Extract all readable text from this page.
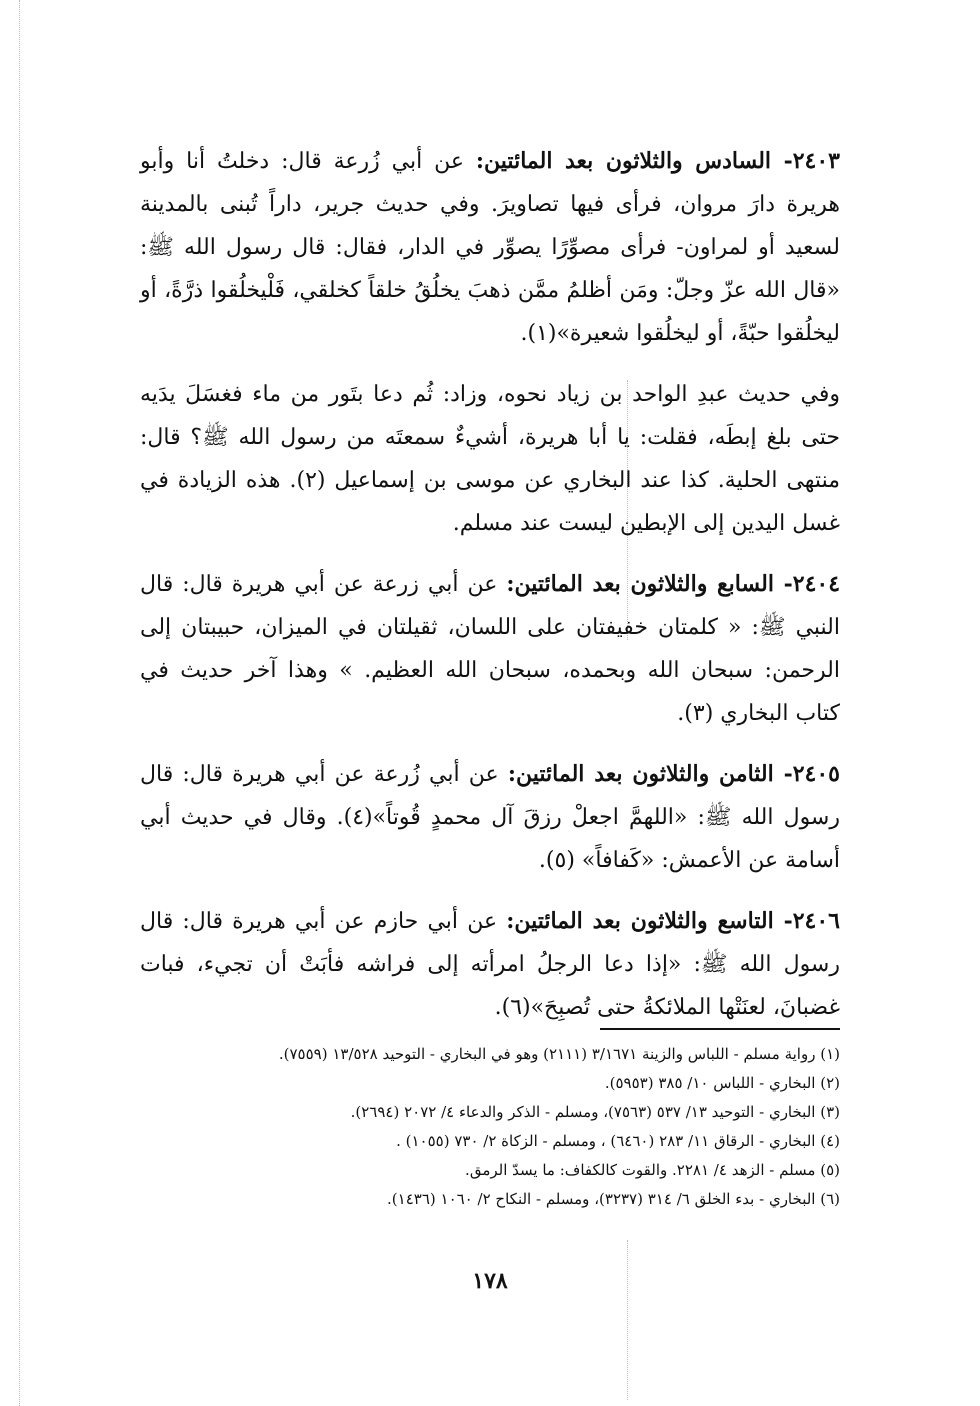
٢٤٠٣- السادس والثلاثون بعد المائتين: عن أبي زُرعة قال: دخلتُ أنا وأبو هريرة دارَ مروان، فرأى فيها تصاويرَ. وفي حديث جرير، داراً تُبنى بالمدينة لسعيد أو لمراون- فرأى مصوِّرًا يصوِّر في الدار، فقال: قال رسول الله ﷺ: «قال الله عزّ وجلّ: ومَن أظلمُ ممَّن ذهبَ يخلُقُ خلقاً كخلقي، فَلْيخلُقوا ذرَّةً، أو ليخلُقوا حبّةً، أو ليخلُقوا شعيرة»(١).

وفي حديث عبدِ الواحد بن زياد نحوه، وزاد: ثُم دعا بتَور من ماء فغسَلَ يدَيه حتى بلغ إبطَه، فقلت: يا أبا هريرة، أشيءٌ سمعتَه من رسول الله ﷺ؟ قال: منتهى الحلية. كذا عند البخاري عن موسى بن إسماعيل (٢). هذه الزيادة في غسل اليدين إلى الإبطين ليست عند مسلم.

٢٤٠٤- السابع والثلاثون بعد المائتين: عن أبي زرعة عن أبي هريرة قال: قال النبي ﷺ: « كلمتان خفيفتان على اللسان، ثقيلتان في الميزان، حبيبتان إلى الرحمن: سبحان الله وبحمده، سبحان الله العظيم. » وهذا آخر حديث في كتاب البخاري (٣).

٢٤٠٥- الثامن والثلاثون بعد المائتين: عن أبي زُرعة عن أبي هريرة قال: قال رسول الله ﷺ: «اللهمَّ اجعلْ رزقَ آل محمدٍ قُوتاً»(٤). وقال في حديث أبي أسامة عن الأعمش: «كَفافاً» (٥).

٢٤٠٦- التاسع والثلاثون بعد المائتين: عن أبي حازم عن أبي هريرة قال: قال رسول الله ﷺ: «إذا دعا الرجلُ امرأته إلى فراشه فأبَتْ أن تجيء، فبات غضبانَ، لعنَتْها الملائكةُ حتى تُصبِحَ»(٦).

(١) رواية مسلم - اللباس والزينة ٣/١٦٧١ (٢١١١) وهو في البخاري - التوحيد ١٣/٥٢٨ (٧٥٥٩).

(٢) البخاري - اللباس ١٠/ ٣٨٥ (٥٩٥٣).

(٣) البخاري - التوحيد ١٣/ ٥٣٧ (٧٥٦٣)، ومسلم - الذكر والدعاء ٤/ ٢٠٧٢ (٢٦٩٤).

(٤) البخاري - الرقاق ١١/ ٢٨٣ (٦٤٦٠) ، ومسلم - الزكاة ٢/ ٧٣٠ (١٠٥٥) .

(٥) مسلم - الزهد ٤/ ٢٢٨١. والقوت كالكفاف: ما يسدّ الرمق.

(٦) البخاري - بدء الخلق ٦/ ٣١٤ (٣٢٣٧)، ومسلم - النكاح ٢/ ١٠٦٠ (١٤٣٦).

١٧٨
